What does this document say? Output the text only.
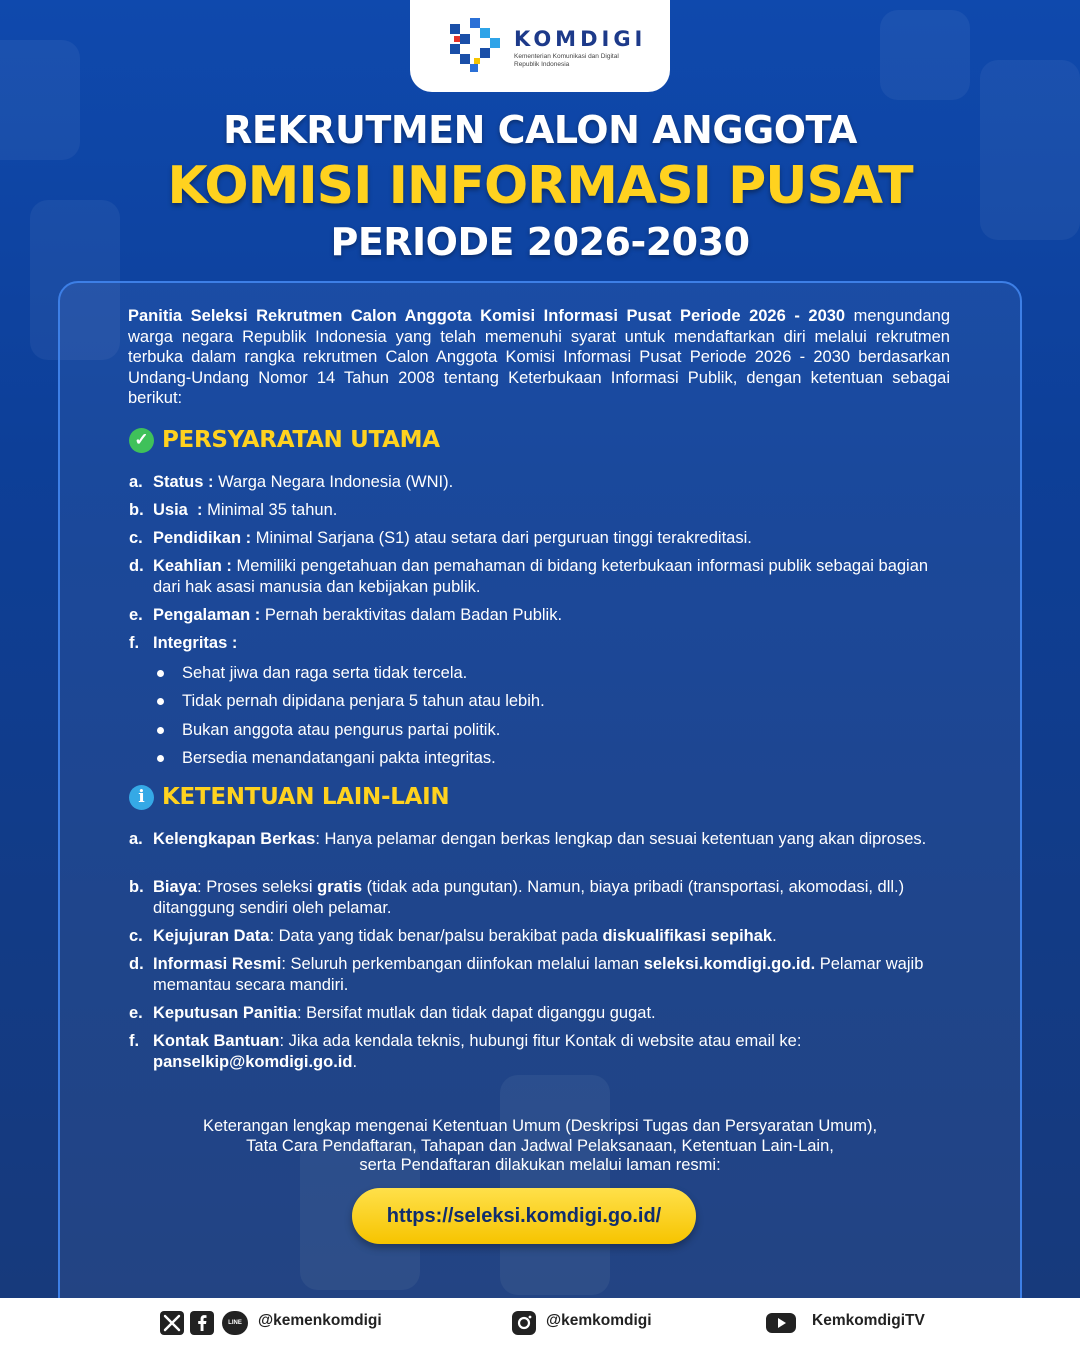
KOMDIGI
Kementerian Komunikasi dan Digital
Republik Indonesia
REKRUTMEN CALON ANGGOTA
KOMISI INFORMASI PUSAT
PERIODE 2026-2030
Panitia Seleksi Rekrutmen Calon Anggota Komisi Informasi Pusat Periode 2026 - 2030 mengundang warga negara Republik Indonesia yang telah memenuhi syarat untuk mendaftarkan diri melalui rekrutmen terbuka dalam rangka rekrutmen Calon Anggota Komisi Informasi Pusat Periode 2026 - 2030 berdasarkan Undang-Undang Nomor 14 Tahun 2008 tentang Keterbukaan Informasi Publik, dengan ketentuan sebagai berikut:
✓ PERSYARATAN UTAMA
a. Status : Warga Negara Indonesia (WNI).
b. Usia  : Minimal 35 tahun.
c. Pendidikan : Minimal Sarjana (S1) atau setara dari perguruan tinggi terakreditasi.
d. Keahlian : Memiliki pengetahuan dan pemahaman di bidang keterbukaan informasi publik sebagai bagian dari hak asasi manusia dan kebijakan publik.
e. Pengalaman : Pernah beraktivitas dalam Badan Publik.
f. Integritas :
Sehat jiwa dan raga serta tidak tercela.
Tidak pernah dipidana penjara 5 tahun atau lebih.
Bukan anggota atau pengurus partai politik.
Bersedia menandatangani pakta integritas.
i KETENTUAN LAIN-LAIN
a. Kelengkapan Berkas: Hanya pelamar dengan berkas lengkap dan sesuai ketentuan yang akan diproses.
b. Biaya: Proses seleksi gratis (tidak ada pungutan). Namun, biaya pribadi (transportasi, akomodasi, dll.) ditanggung sendiri oleh pelamar.
c. Kejujuran Data: Data yang tidak benar/palsu berakibat pada diskualifikasi sepihak.
d. Informasi Resmi: Seluruh perkembangan diinfokan melalui laman seleksi.komdigi.go.id. Pelamar wajib memantau secara mandiri.
e. Keputusan Panitia: Bersifat mutlak dan tidak dapat diganggu gugat.
f. Kontak Bantuan: Jika ada kendala teknis, hubungi fitur Kontak di website atau email ke: panselkip@komdigi.go.id.
Keterangan lengkap mengenai Ketentuan Umum (Deskripsi Tugas dan Persyaratan Umum),
Tata Cara Pendaftaran, Tahapan dan Jadwal Pelaksanaan, Ketentuan Lain-Lain,
serta Pendaftaran dilakukan melalui laman resmi:
https://seleksi.komdigi.go.id/
LINE	@kemenkomdigi	@kemkomdigi	KemkomdigiTV
